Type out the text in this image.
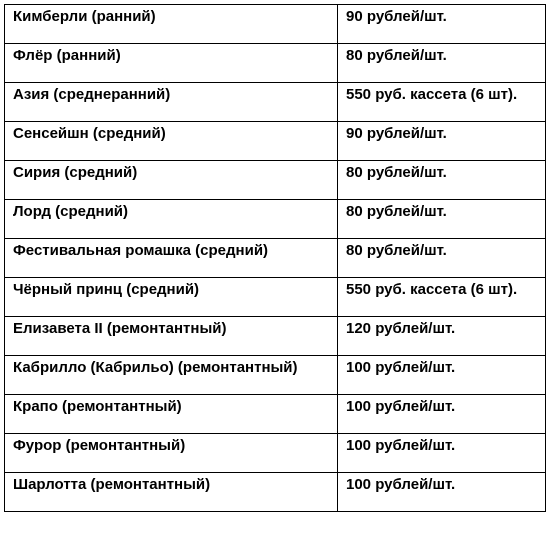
Кимберли (ранний)	90 рублей/шт.
Флёр (ранний)	80 рублей/шт.
Азия (среднеранний)	550 руб. кассета (6 шт).
Сенсейшн (средний)	90 рублей/шт.
Сирия (средний)	80 рублей/шт.
Лорд (средний)	80 рублей/шт.
Фестивальная ромашка (средний)	80 рублей/шт.
Чёрный принц (средний)	550 руб. кассета (6 шт).
Елизавета II (ремонтантный)	120 рублей/шт.
Кабрилло (Кабрильо) (ремонтантный)	100 рублей/шт.
Крапо (ремонтантный)	100 рублей/шт.
Фурор (ремонтантный)	100 рублей/шт.
Шарлотта (ремонтантный)	100 рублей/шт.
